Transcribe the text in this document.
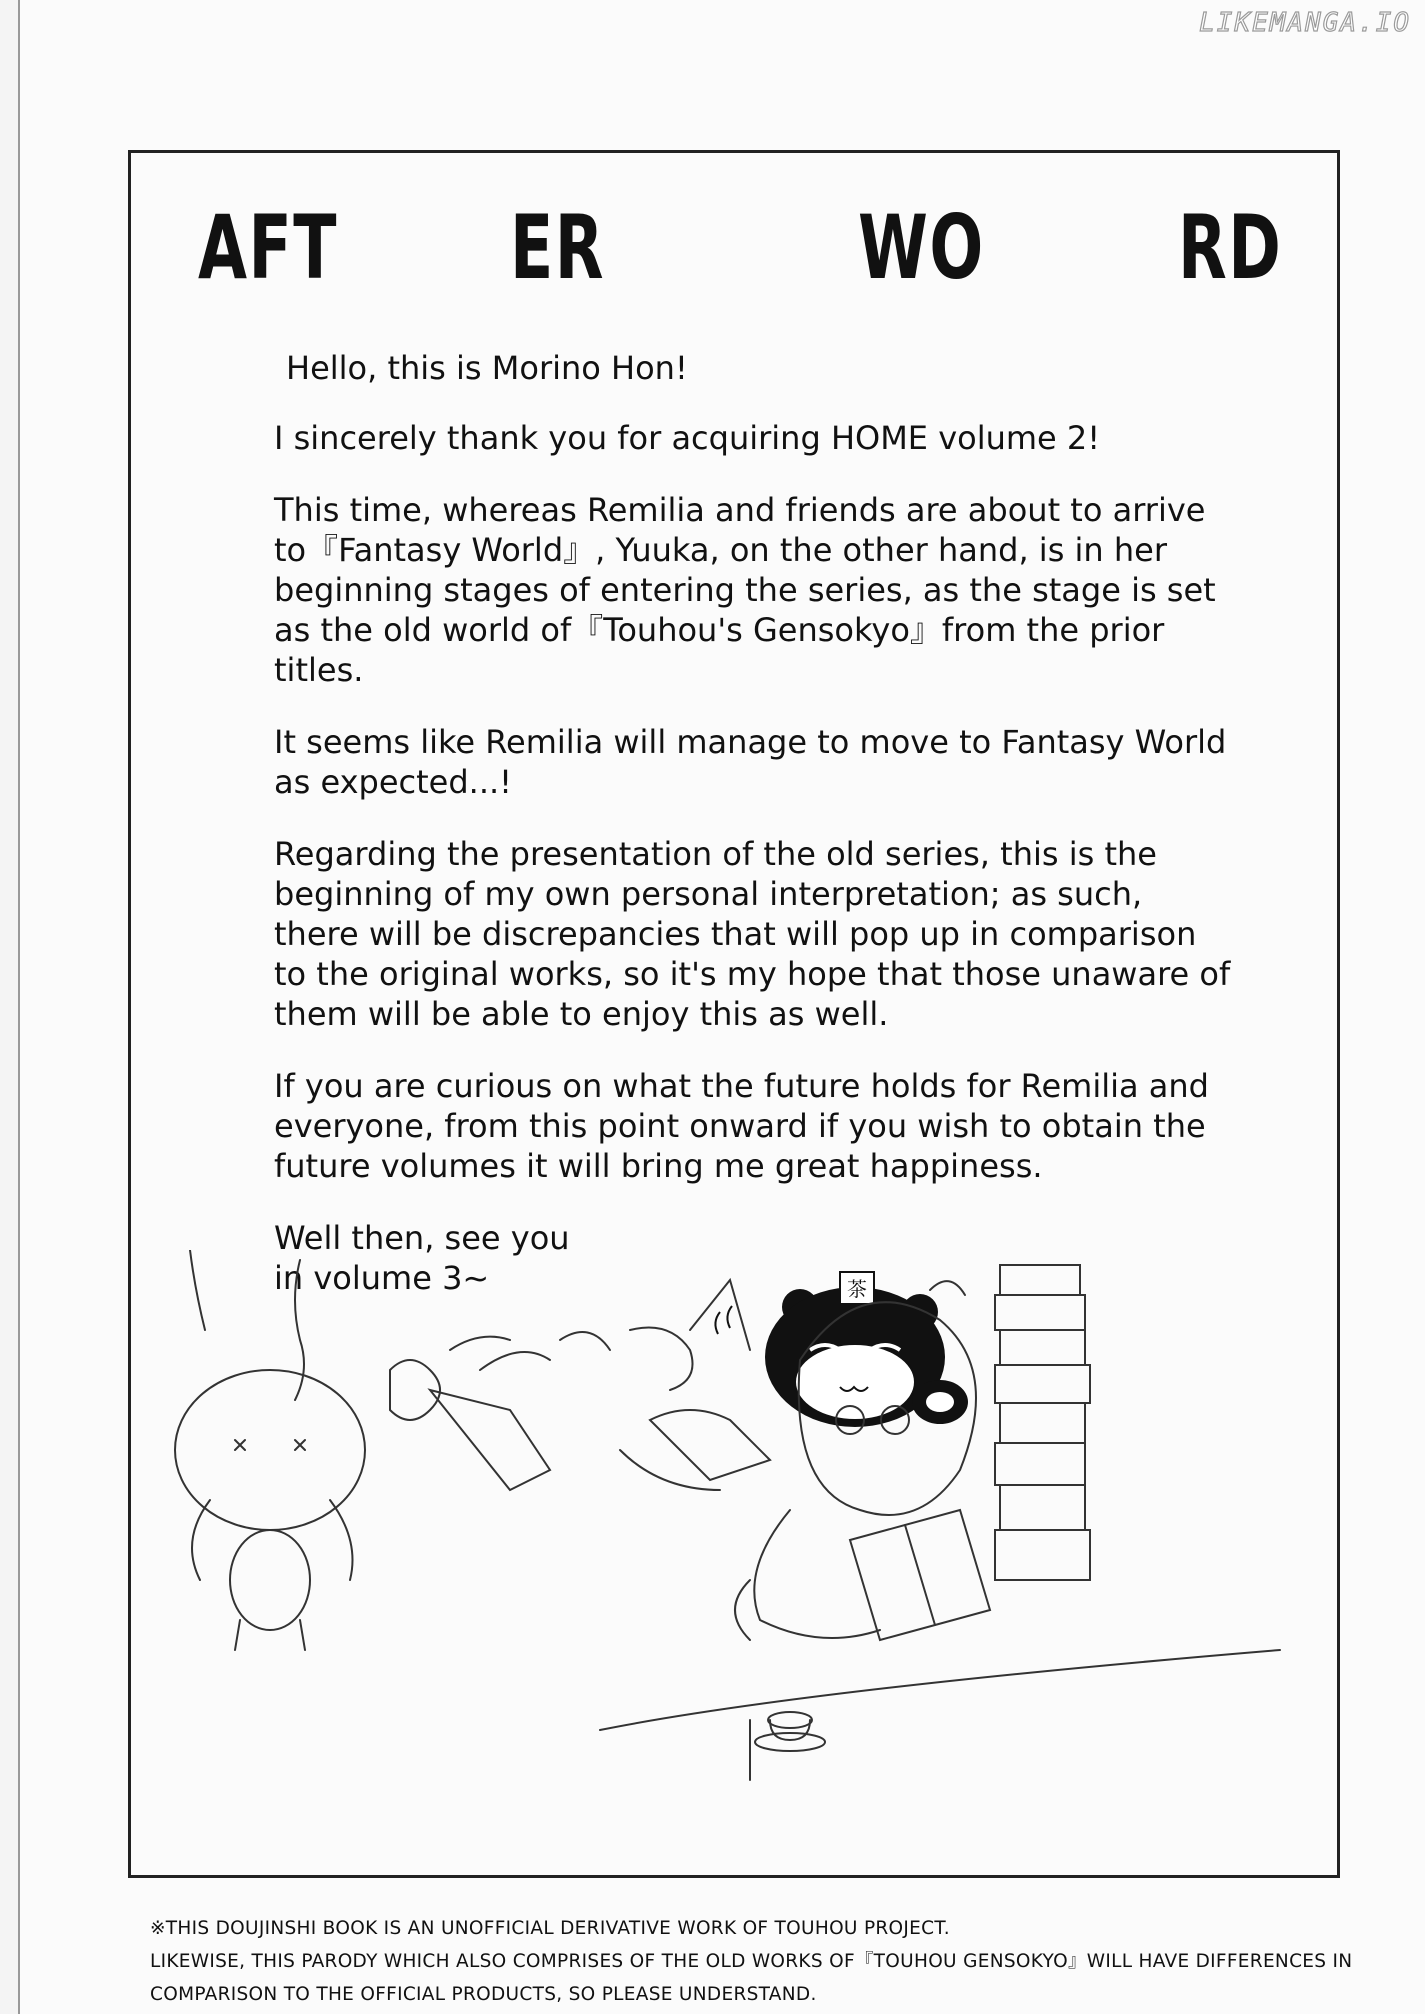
LIKEMANGA.IO
AFT ER	WO RD

Hello, this is Morino Hon!

I sincerely thank you for acquiring HOME volume 2!

This time, whereas Remilia and friends are about to arrive to『Fantasy World』, Yuuka, on the other hand, is in her beginning stages of entering the series, as the stage is set as the old world of『Touhou's Gensokyo』from the prior titles.

It seems like Remilia will manage to move to Fantasy World as expected...!

Regarding the presentation of the old series, this is the beginning of my own personal interpretation; as such, there will be discrepancies that will pop up in comparison to the original works, so it's my hope that those unaware of them will be able to enjoy this as well.

If you are curious on what the future holds for Remilia and everyone, from this point onward if you wish to obtain the future volumes it will bring me great happiness.

Well then, see you
in volume 3~	茶
※THIS DOUJINSHI BOOK IS AN UNOFFICIAL DERIVATIVE WORK OF TOUHOU PROJECT.
LIKEWISE, THIS PARODY WHICH ALSO COMPRISES OF THE OLD WORKS OF『TOUHOU GENSOKYO』WILL HAVE DIFFERENCES IN
COMPARISON TO THE OFFICIAL PRODUCTS, SO PLEASE UNDERSTAND.
